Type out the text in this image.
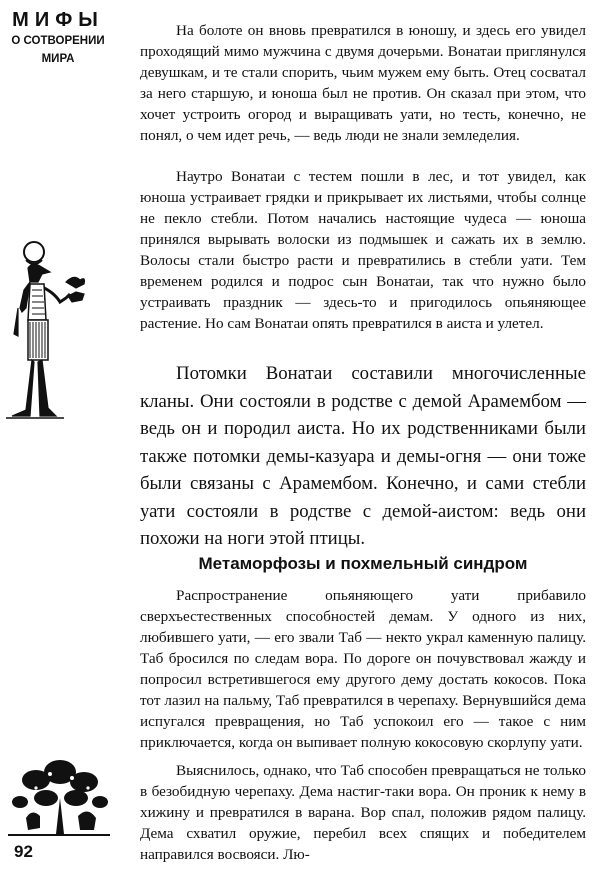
МИФЫ
О СОТВОРЕНИИ
МИРА
92

На болоте он вновь превратился в юношу, и здесь его увидел проходящий мимо мужчина с двумя дочерьми. Вонатаи приглянулся девушкам, и те стали спорить, чьим мужем ему быть. Отец сосватал за него старшую, и юноша был не против. Он сказал при этом, что хочет устроить огород и выращивать уати, но тесть, конечно, не понял, о чем идет речь, — ведь люди не знали земледелия.

Наутро Вонатаи с тестем пошли в лес, и тот увидел, как юноша устраивает грядки и прикрывает их листьями, чтобы солнце не пекло стебли. Потом начались настоящие чудеса — юноша принялся вырывать волоски из подмышек и сажать их в землю. Волосы стали быстро расти и превратились в стебли уати. Тем временем родился и подрос сын Вонатаи, так что нужно было устраивать праздник — здесь-то и пригодилось опьяняющее растение. Но сам Вонатаи опять превратился в аиста и улетел.

Потомки Вонатаи составили многочисленные кланы. Они состояли в родстве с демой Арамембом — ведь он и породил аиста. Но их родственниками были также потомки демы-казуара и демы-огня — они тоже были связаны с Арамембом. Конечно, и сами стебли уати состояли в родстве с демой-аистом: ведь они похожи на ноги этой птицы.

Метаморфозы и похмельный синдром

Распространение опьяняющего уати прибавило сверхъестественных способностей демам. У одного из них, любившего уати, — его звали Таб — некто украл каменную палицу. Таб бросился по следам вора. По дороге он почувствовал жажду и попросил встретившегося ему другого дему достать кокосов. Пока тот лазил на пальму, Таб превратился в черепаху. Вернувшийся дема испугался превращения, но Таб успокоил его — такое с ним приключается, когда он выпивает полную кокосовую скорлупу уати.

Выяснилось, однако, что Таб способен превращаться не только в безобидную черепаху. Дема настиг-таки вора. Он проник к нему в хижину и превратился в варана. Вор спал, положив рядом палицу. Дема схватил оружие, перебил всех спящих и победителем направился восвояси. Лю-
